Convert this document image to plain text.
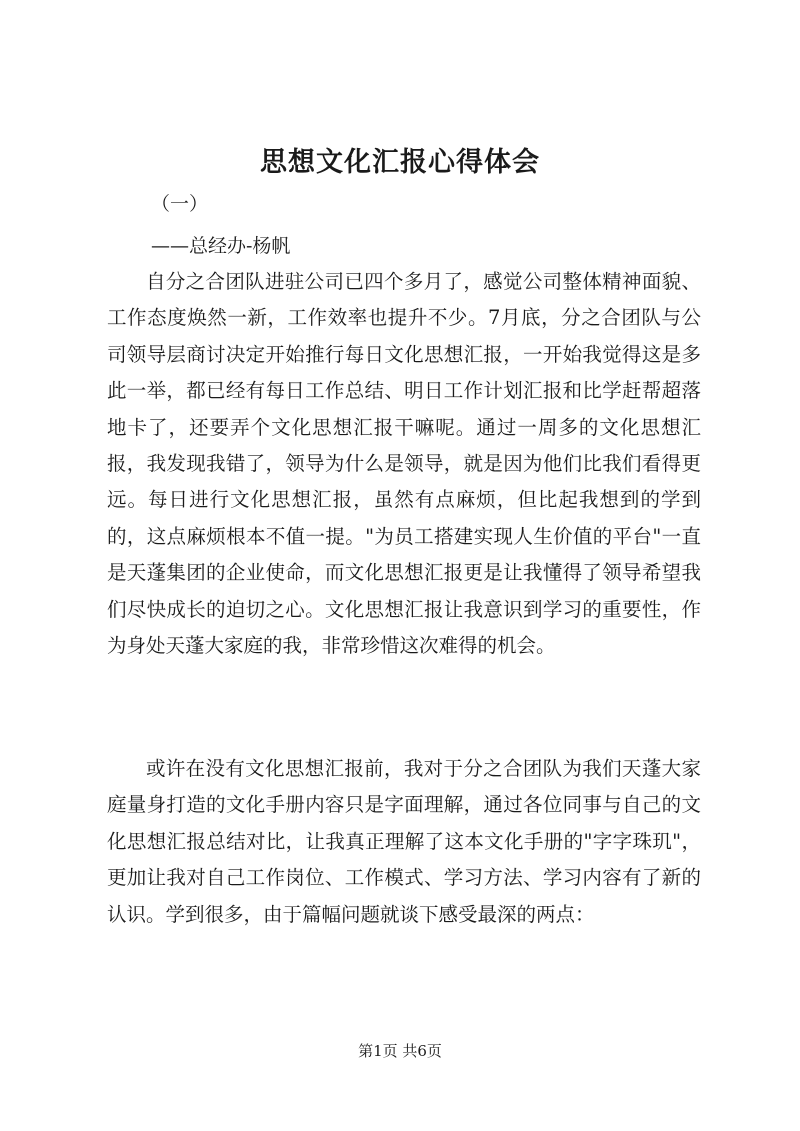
思想文化汇报心得体会
（一）
——总经办-杨帆

自分之合团队进驻公司已四个多月了，感觉公司整体精神面貌、工作态度焕然一新，工作效率也提升不少。7月底，分之合团队与公司领导层商讨决定开始推行每日文化思想汇报，一开始我觉得这是多此一举，都已经有每日工作总结、明日工作计划汇报和比学赶帮超落地卡了，还要弄个文化思想汇报干嘛呢。通过一周多的文化思想汇报，我发现我错了，领导为什么是领导，就是因为他们比我们看得更远。每日进行文化思想汇报，虽然有点麻烦，但比起我想到的学到的，这点麻烦根本不值一提。"为员工搭建实现人生价值的平台"一直是天蓬集团的企业使命，而文化思想汇报更是让我懂得了领导希望我们尽快成长的迫切之心。文化思想汇报让我意识到学习的重要性，作为身处天蓬大家庭的我，非常珍惜这次难得的机会。

或许在没有文化思想汇报前，我对于分之合团队为我们天蓬大家庭量身打造的文化手册内容只是字面理解，通过各位同事与自己的文化思想汇报总结对比，让我真正理解了这本文化手册的"字字珠玑"，更加让我对自己工作岗位、工作模式、学习方法、学习内容有了新的认识。学到很多，由于篇幅问题就谈下感受最深的两点：

第1页 共6页
